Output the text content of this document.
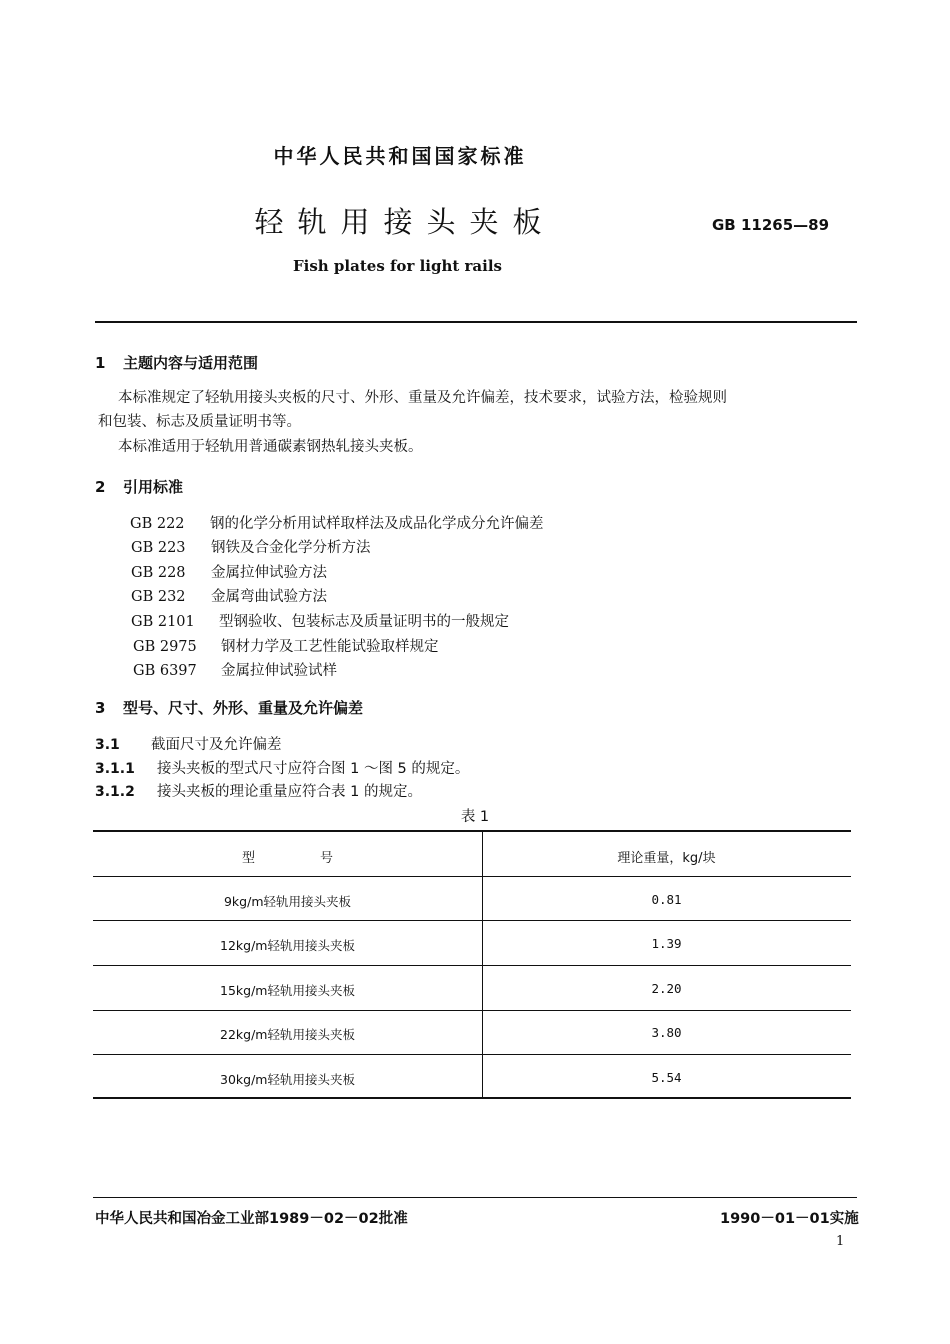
中华人民共和国国家标准
轻轨用接头夹板	GB 11265—89
Fish plates for light rails
1 主题内容与适用范围
本标准规定了轻轨用接头夹板的尺寸、外形、重量及允许偏差，技术要求，试验方法，检验规则
和包装、标志及质量证明书等。
本标准适用于轻轨用普通碳素钢热轧接头夹板。
2 引用标准
GB 222 钢的化学分析用试样取样法及成品化学成分允许偏差
GB 223 钢铁及合金化学分析方法
GB 228 金属拉伸试验方法
GB 232 金属弯曲试验方法
GB 2101 型钢验收、包装标志及质量证明书的一般规定
GB 2975 钢材力学及工艺性能试验取样规定
GB 6397 金属拉伸试验试样
3 型号、尺寸、外形、重量及允许偏差
3.1 截面尺寸及允许偏差
3.1.1 接头夹板的型式尺寸应符合图 1 ～图 5 的规定。
3.1.2 接头夹板的理论重量应符合表 1 的规定。
表 1
型　　　　　号	理论重量，kg/块
9kg/m轻轨用接头夹板	0.81
12kg/m轻轨用接头夹板	1.39
15kg/m轻轨用接头夹板	2.20
22kg/m轻轨用接头夹板	3.80
30kg/m轻轨用接头夹板	5.54
中华人民共和国冶金工业部1989－02－02批准	1990－01－01实施
1
